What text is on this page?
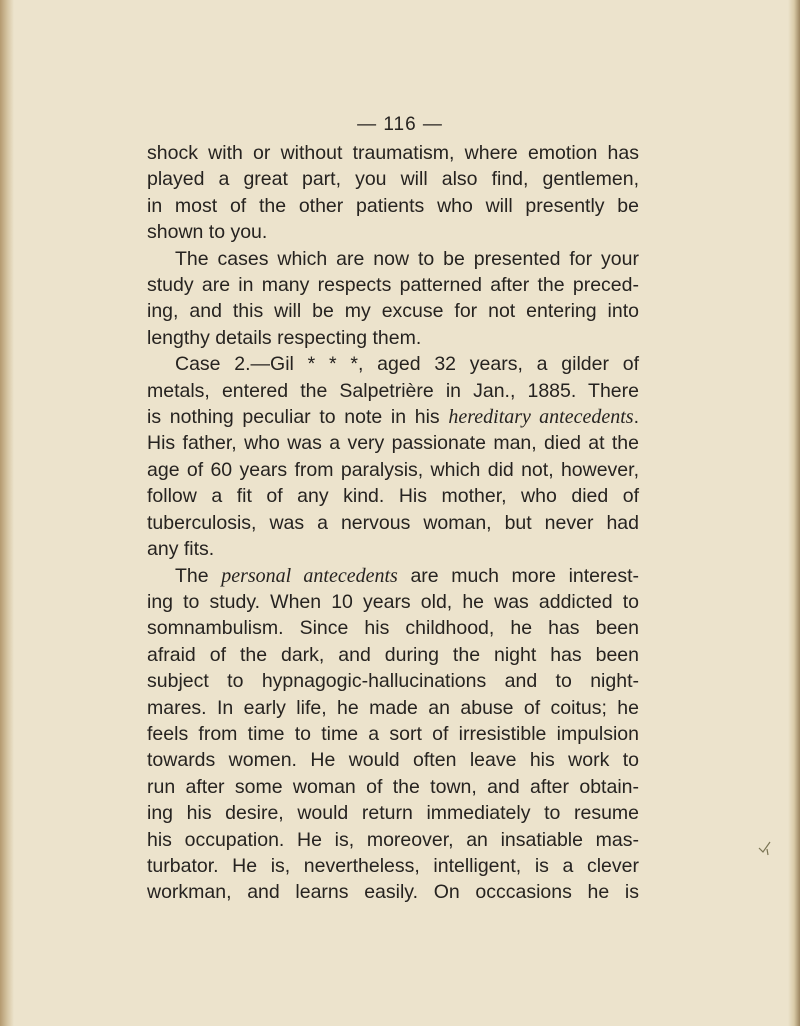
— 116 —
shock with or without traumatism, where emotion has
played a great part, you will also find, gentlemen,
in most of the other patients who will presently be
shown to you.
The cases which are now to be presented for your
study are in many respects patterned after the preced-
ing, and this will be my excuse for not entering into
lengthy details respecting them.
Case 2.—Gil * * *, aged 32 years, a gilder of
metals, entered the Salpetrière in Jan., 1885. There
is nothing peculiar to note in his hereditary antecedents.
His father, who was a very passionate man, died at the
age of 60 years from paralysis, which did not, however,
follow a fit of any kind. His mother, who died of
tuberculosis, was a nervous woman, but never had
any fits.
The personal antecedents are much more interest-
ing to study. When 10 years old, he was addicted to
somnambulism. Since his childhood, he has been
afraid of the dark, and during the night has been
subject to hypnagogic-hallucinations and to night-
mares. In early life, he made an abuse of coitus; he
feels from time to time a sort of irresistible impulsion
towards women. He would often leave his work to
run after some woman of the town, and after obtain-
ing his desire, would return immediately to resume
his occupation. He is, moreover, an insatiable mas-
turbator. He is, nevertheless, intelligent, is a clever
workman, and learns easily. On occcasions he is
